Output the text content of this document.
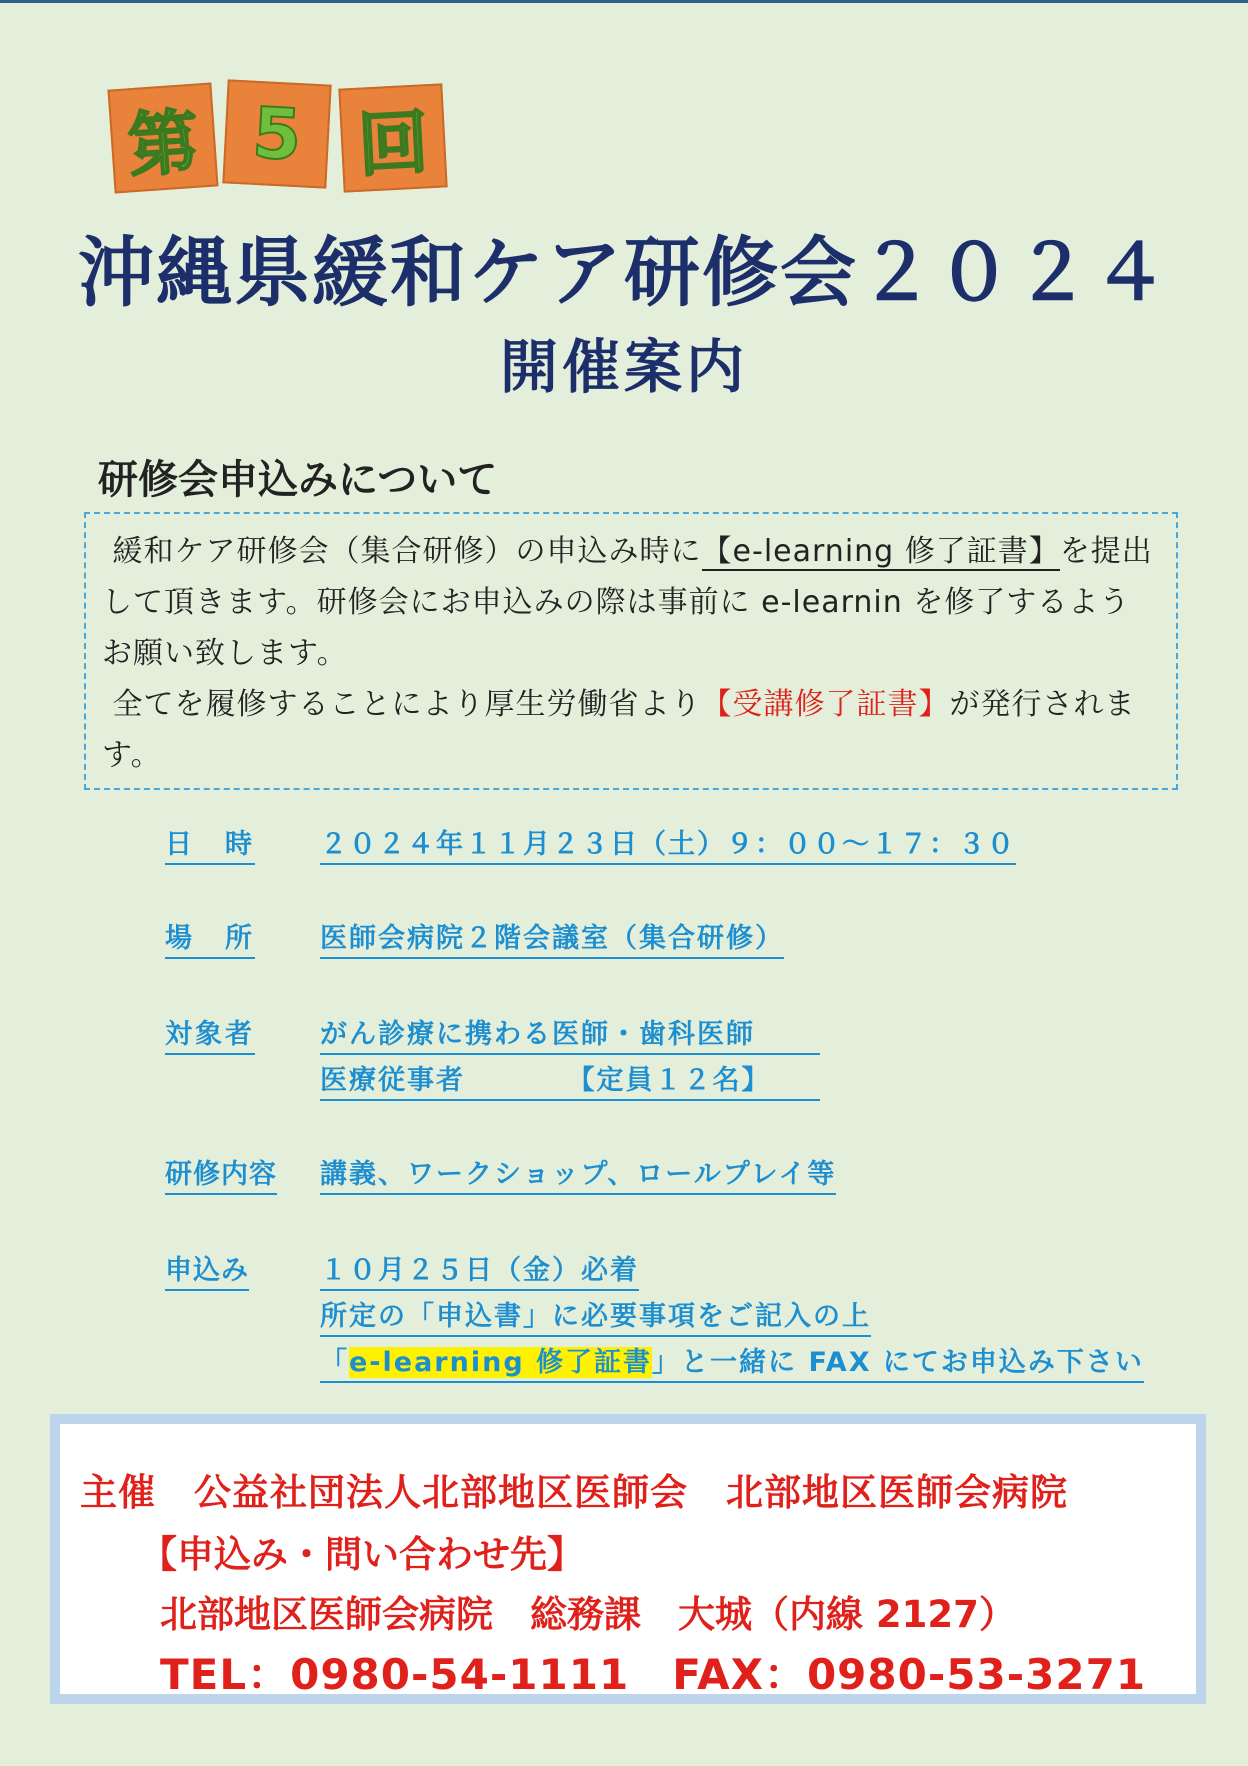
第 5 回
沖縄県緩和ケア研修会２０２４
開催案内
研修会申込みについて

緩和ケア研修会（集合研修）の申込み時に【e-learning 修了証書】を提出して頂きます。研修会にお申込みの際は事前に e-learnin を修了するようお願い致します。

全てを履修することにより厚生労働省より【受講修了証書】が発行されます。

日　時 ２０２４年１１月２３日（土）９：００～１７：３０
場　所 医師会病院２階会議室（集合研修）
対象者 がん診療に携わる医師・歯科医師
医療従事者　　　　【定員１２名】
研修内容 講義、ワークショップ、ロールプレイ等
申込み	１０月２５日（金）必着
所定の「申込書」に必要事項をご記入の上
「e-learning 修了証書」と一緒に FAX にてお申込み下さい
主催　公益社団法人北部地区医師会　北部地区医師会病院
【申込み・問い合わせ先】
北部地区医師会病院　総務課　大城（内線 2127）
TEL：0980-54-1111　FAX：0980-53-3271
